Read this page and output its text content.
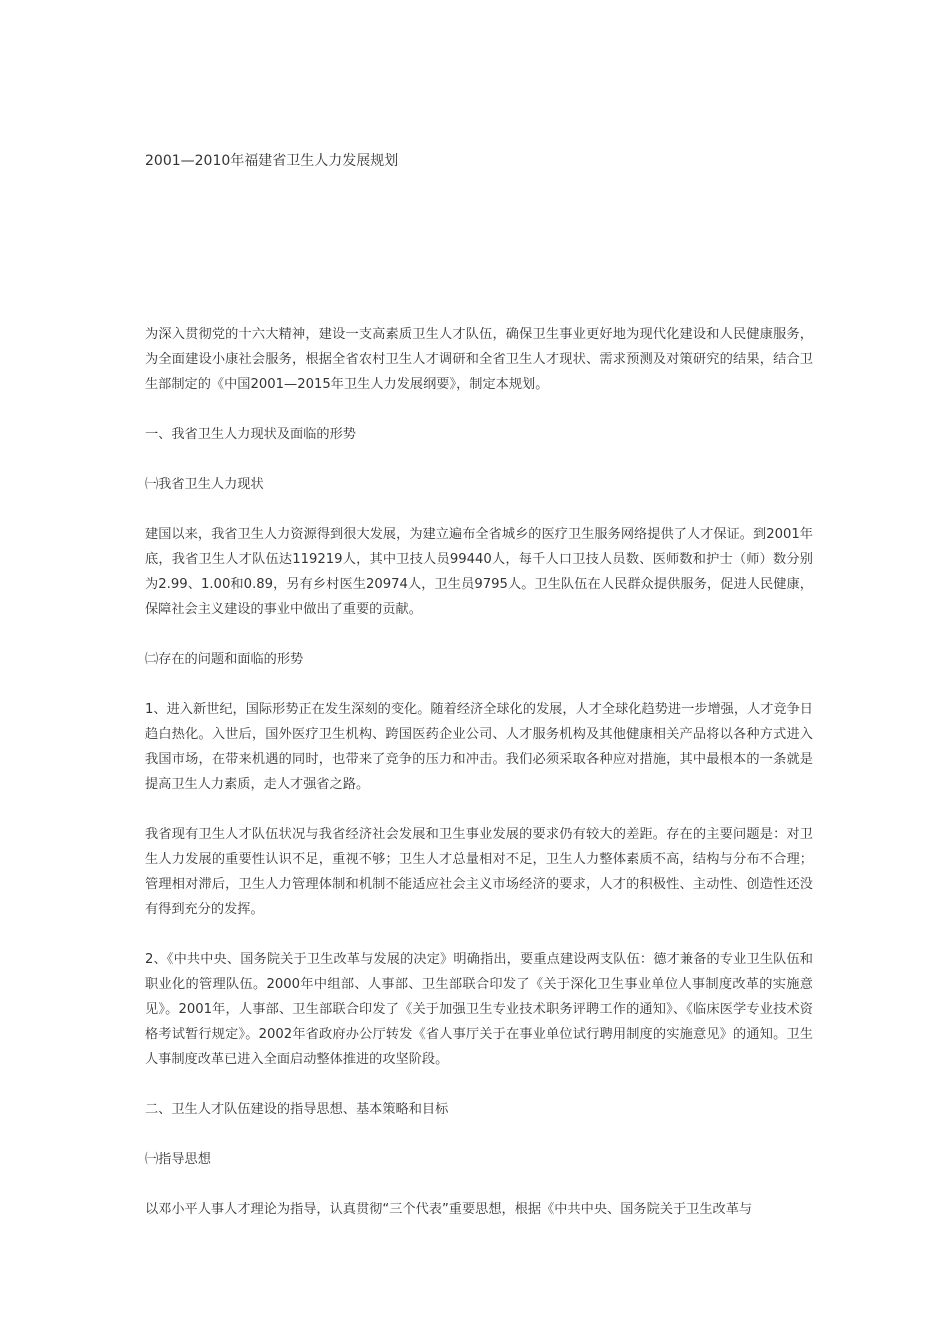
2001—2010年福建省卫生人力发展规划

为深入贯彻党的十六大精神，建设一支高素质卫生人才队伍，确保卫生事业更好地为现代化建设和人民健康服务，为全面建设小康社会服务，根据全省农村卫生人才调研和全省卫生人才现状、需求预测及对策研究的结果，结合卫生部制定的《中国2001—2015年卫生人力发展纲要》，制定本规划。

一、我省卫生人力现状及面临的形势

㈠我省卫生人力现状

建国以来，我省卫生人力资源得到很大发展，为建立遍布全省城乡的医疗卫生服务网络提供了人才保证。到2001年底，我省卫生人才队伍达119219人，其中卫技人员99440人，每千人口卫技人员数、医师数和护士（师）数分别为2.99、1.00和0.89，另有乡村医生20974人，卫生员9795人。卫生队伍在人民群众提供服务，促进人民健康，保障社会主义建设的事业中做出了重要的贡献。

㈡存在的问题和面临的形势

1、进入新世纪，国际形势正在发生深刻的变化。随着经济全球化的发展，人才全球化趋势进一步增强，人才竞争日趋白热化。入世后，国外医疗卫生机构、跨国医药企业公司、人才服务机构及其他健康相关产品将以各种方式进入我国市场，在带来机遇的同时，也带来了竞争的压力和冲击。我们必须采取各种应对措施，其中最根本的一条就是提高卫生人力素质，走人才强省之路。

我省现有卫生人才队伍状况与我省经济社会发展和卫生事业发展的要求仍有较大的差距。存在的主要问题是：对卫生人力发展的重要性认识不足，重视不够；卫生人才总量相对不足，卫生人力整体素质不高，结构与分布不合理；管理相对滞后，卫生人力管理体制和机制不能适应社会主义市场经济的要求，人才的积极性、主动性、创造性还没有得到充分的发挥。

2、《中共中央、国务院关于卫生改革与发展的决定》明确指出，要重点建设两支队伍：德才兼备的专业卫生队伍和职业化的管理队伍。2000年中组部、人事部、卫生部联合印发了《关于深化卫生事业单位人事制度改革的实施意见》。2001年，人事部、卫生部联合印发了《关于加强卫生专业技术职务评聘工作的通知》、《临床医学专业技术资格考试暂行规定》。2002年省政府办公厅转发《省人事厅关于在事业单位试行聘用制度的实施意见》的通知。卫生人事制度改革已进入全面启动整体推进的攻坚阶段。

二、卫生人才队伍建设的指导思想、基本策略和目标

㈠指导思想

以邓小平人事人才理论为指导，认真贯彻“三个代表”重要思想，根据《中共中央、国务院关于卫生改革与
